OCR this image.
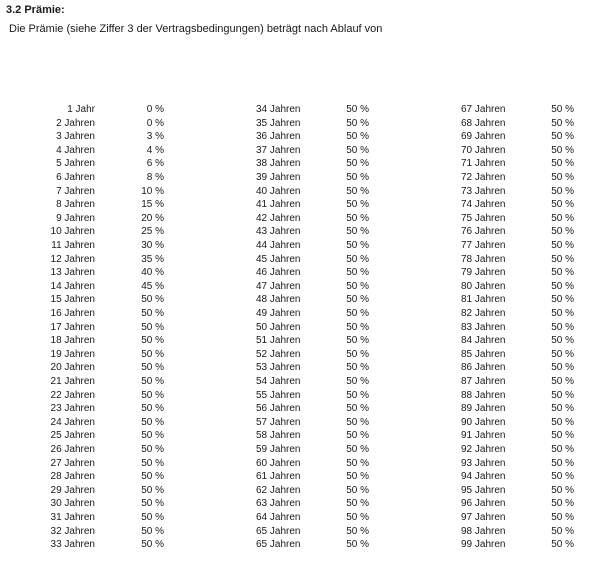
3.2 Prämie:
Die Prämie (siehe Ziffer 3 der Vertragsbedingungen) beträgt nach Ablauf von
1 Jahr	0 %	34 Jahren	50 %	67 Jahren	50 %
2 Jahren	0 %	35 Jahren	50 %	68 Jahren	50 %
3 Jahren	3 %	36 Jahren	50 %	69 Jahren	50 %
4 Jahren	4 %	37 Jahren	50 %	70 Jahren	50 %
5 Jahren	6 %	38 Jahren	50 %	71 Jahren	50 %
6 Jahren	8 %	39 Jahren	50 %	72 Jahren	50 %
7 Jahren	10 %	40 Jahren	50 %	73 Jahren	50 %
8 Jahren	15 %	41 Jahren	50 %	74 Jahren	50 %
9 Jahren	20 %	42 Jahren	50 %	75 Jahren	50 %
10 Jahren	25 %	43 Jahren	50 %	76 Jahren	50 %
11 Jahren	30 %	44 Jahren	50 %	77 Jahren	50 %
12 Jahren	35 %	45 Jahren	50 %	78 Jahren	50 %
13 Jahren	40 %	46 Jahren	50 %	79 Jahren	50 %
14 Jahren	45 %	47 Jahren	50 %	80 Jahren	50 %
15 Jahren	50 %	48 Jahren	50 %	81 Jahren	50 %
16 Jahren	50 %	49 Jahren	50 %	82 Jahren	50 %
17 Jahren	50 %	50 Jahren	50 %	83 Jahren	50 %
18 Jahren	50 %	51 Jahren	50 %	84 Jahren	50 %
19 Jahren	50 %	52 Jahren	50 %	85 Jahren	50 %
20 Jahren	50 %	53 Jahren	50 %	86 Jahren	50 %
21 Jahren	50 %	54 Jahren	50 %	87 Jahren	50 %
22 Jahren	50 %	55 Jahren	50 %	88 Jahren	50 %
23 Jahren	50 %	56 Jahren	50 %	89 Jahren	50 %
24 Jahren	50 %	57 Jahren	50 %	90 Jahren	50 %
25 Jahren	50 %	58 Jahren	50 %	91 Jahren	50 %
26 Jahren	50 %	59 Jahren	50 %	92 Jahren	50 %
27 Jahren	50 %	60 Jahren	50 %	93 Jahren	50 %
28 Jahren	50 %	61 Jahren	50 %	94 Jahren	50 %
29 Jahren	50 %	62 Jahren	50 %	95 Jahren	50 %
30 Jahren	50 %	63 Jahren	50 %	96 Jahren	50 %
31 Jahren	50 %	64 Jahren	50 %	97 Jahren	50 %
32 Jahren	50 %	65 Jahren	50 %	98 Jahren	50 %
33 Jahren	50 %	65 Jahren	50 %	99 Jahren	50 %
